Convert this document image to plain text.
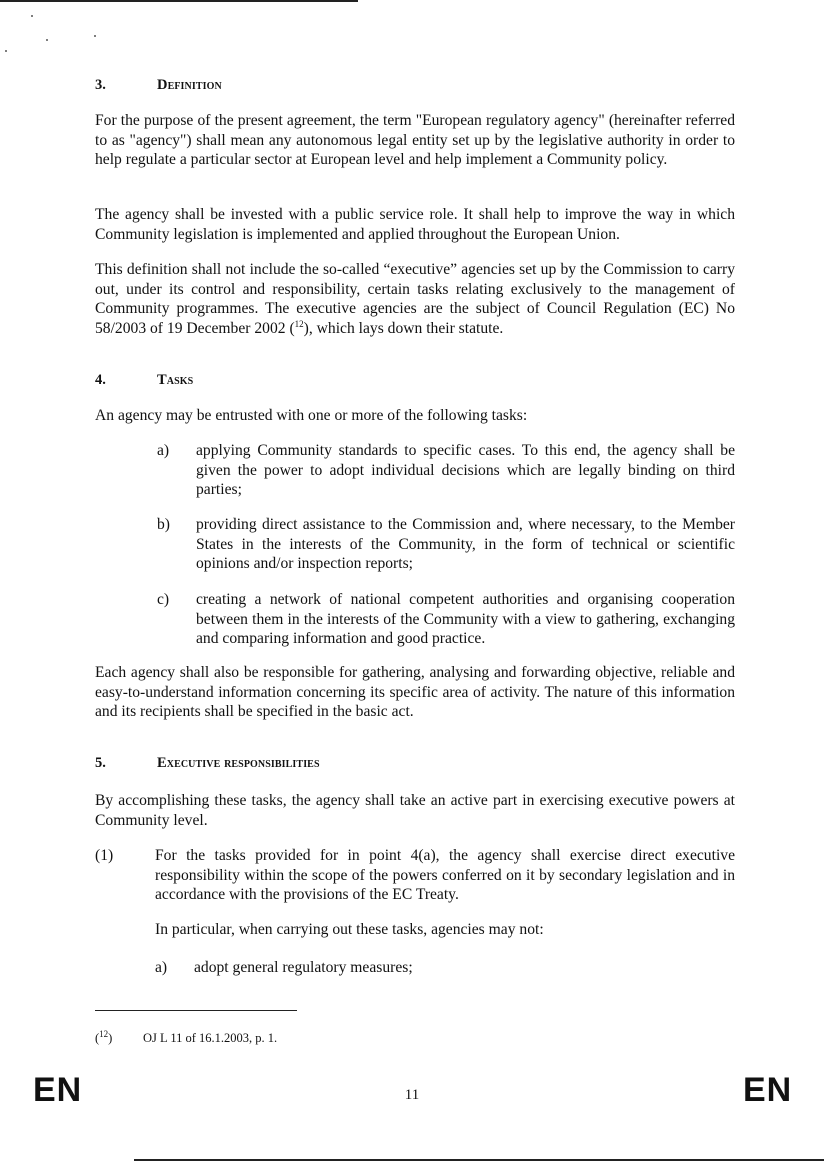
3.	Definition

For the purpose of the present agreement, the term "European regulatory agency" (hereinafter referred to as "agency") shall mean any autonomous legal entity set up by the legislative authority in order to help regulate a particular sector at European level and help implement a Community policy.

The agency shall be invested with a public service role. It shall help to improve the way in which Community legislation is implemented and applied throughout the European Union.

This definition shall not include the so-called “executive” agencies set up by the Commission to carry out, under its control and responsibility, certain tasks relating exclusively to the management of Community programmes. The executive agencies are the subject of Council Regulation (EC) No 58/2003 of 19 December 2002 ($^{12}$), which lays down their statute.

4.	Tasks

An agency may be entrusted with one or more of the following tasks:

a) applying Community standards to specific cases. To this end, the agency shall be given the power to adopt individual decisions which are legally binding on third parties;

b) providing direct assistance to the Commission and, where necessary, to the Member States in the interests of the Community, in the form of technical or scientific opinions and/or inspection reports;

c) creating a network of national competent authorities and organising cooperation between them in the interests of the Community with a view to gathering, exchanging and comparing information and good practice.

Each agency shall also be responsible for gathering, analysing and forwarding objective, reliable and easy-to-understand information concerning its specific area of activity. The nature of this information and its recipients shall be specified in the basic act.

5.	Executive responsibilities

By accomplishing these tasks, the agency shall take an active part in exercising executive powers at Community level.

(1)	For the tasks provided for in point 4(a), the agency shall exercise direct executive responsibility within the scope of the powers conferred on it by secondary legislation and in accordance with the provisions of the EC Treaty.

In particular, when carrying out these tasks, agencies may not:

a) adopt general regulatory measures;

($^{12}$) OJ L 11 of 16.1.2003, p. 1.
EN	11	EN
